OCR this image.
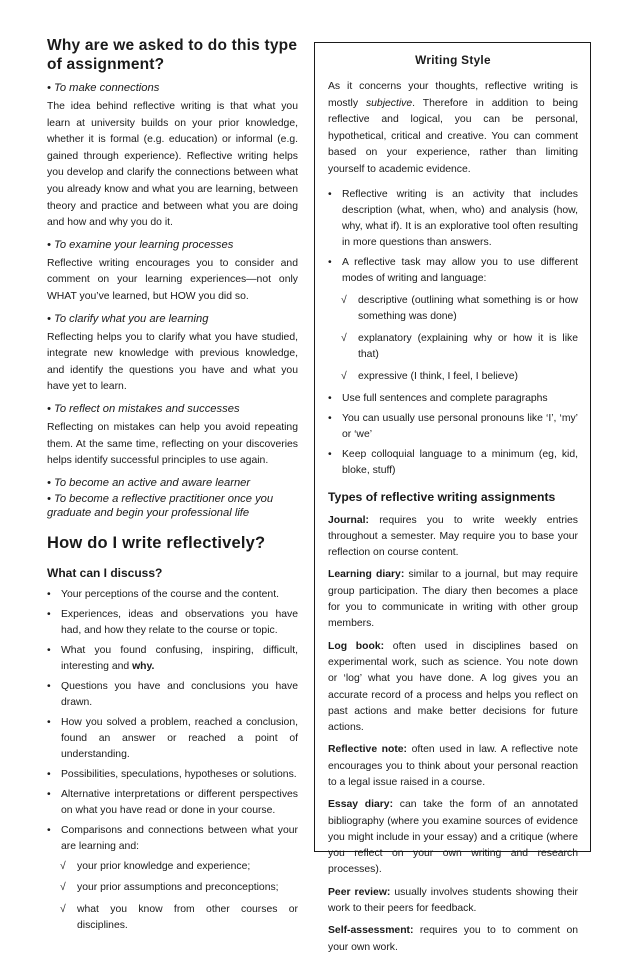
Why are we asked to do this type of assignment?
• To make connections

The idea behind reflective writing is that what you learn at university builds on your prior knowledge, whether it is formal (e.g. education) or informal (e.g. gained through experience). Reflective writing helps you develop and clarify the connections between what you already know and what you are learning, between theory and practice and between what you are doing and how and why you do it.

• To examine your learning processes

Reflective writing encourages you to consider and comment on your learning experiences—not only WHAT you’ve learned, but HOW you did so.

• To clarify what you are learning

Reflecting helps you to clarify what you have studied, integrate new knowledge with previous knowledge, and identify the questions you have and what you have yet to learn.

• To reflect on mistakes and successes

Reflecting on mistakes can help you avoid repeating them. At the same time, reflecting on your discoveries helps identify successful principles to use again.

• To become an active and aware learner
• To become a reflective practitioner once you graduate and begin your professional life
How do I write reflectively?
What can I discuss?
• Your perceptions of the course and the content.
• Experiences, ideas and observations you have had, and how they relate to the course or topic.
• What you found confusing, inspiring, difficult, interesting and why.
• Questions you have and conclusions you have drawn.
• How you solved a problem, reached a conclusion, found an answer or reached a point of understanding.
• Possibilities, speculations, hypotheses or solutions.
• Alternative interpretations or different perspectives on what you have read or done in your course.
• Comparisons and connections between what your are learning and:
√ your prior knowledge and experience;
√ your prior assumptions and preconceptions;
√ what you know from other courses or disciplines.
Writing Style

As it concerns your thoughts, reflective writing is mostly subjective. Therefore in addition to being reflective and logical, you can be personal, hypothetical, critical and creative. You can comment based on your experience, rather than limiting yourself to academic evidence.

• Reflective writing is an activity that includes description (what, when, who) and analysis (how, why, what if). It is an explorative tool often resulting in more questions than answers.
• A reflective task may allow you to use different modes of writing and language:
√ descriptive (outlining what something is or how something was done)
√ explanatory (explaining why or how it is like that)
√ expressive (I think, I feel, I believe)
• Use full sentences and complete paragraphs
• You can usually use personal pronouns like ‘I’, ‘my’ or ‘we’
• Keep colloquial language to a minimum (eg, kid, bloke, stuff)
Types of reflective writing assignments
Journal: requires you to write weekly entries throughout a semester. May require you to base your reflection on course content.
Learning diary: similar to a journal, but may require group participation. The diary then becomes a place for you to communicate in writing with other group members.
Log book: often used in disciplines based on experimental work, such as science. You note down or ‘log’ what you have done. A log gives you an accurate record of a process and helps you reflect on past actions and make better decisions for future actions.
Reflective note: often used in law. A reflective note encourages you to think about your personal reaction to a legal issue raised in a course.
Essay diary: can take the form of an annotated bibliography (where you examine sources of evidence you might include in your essay) and a critique (where you reflect on your own writing and research processes).
Peer review: usually involves students showing their work to their peers for feedback.
Self-assessment: requires you to to comment on your own work.
